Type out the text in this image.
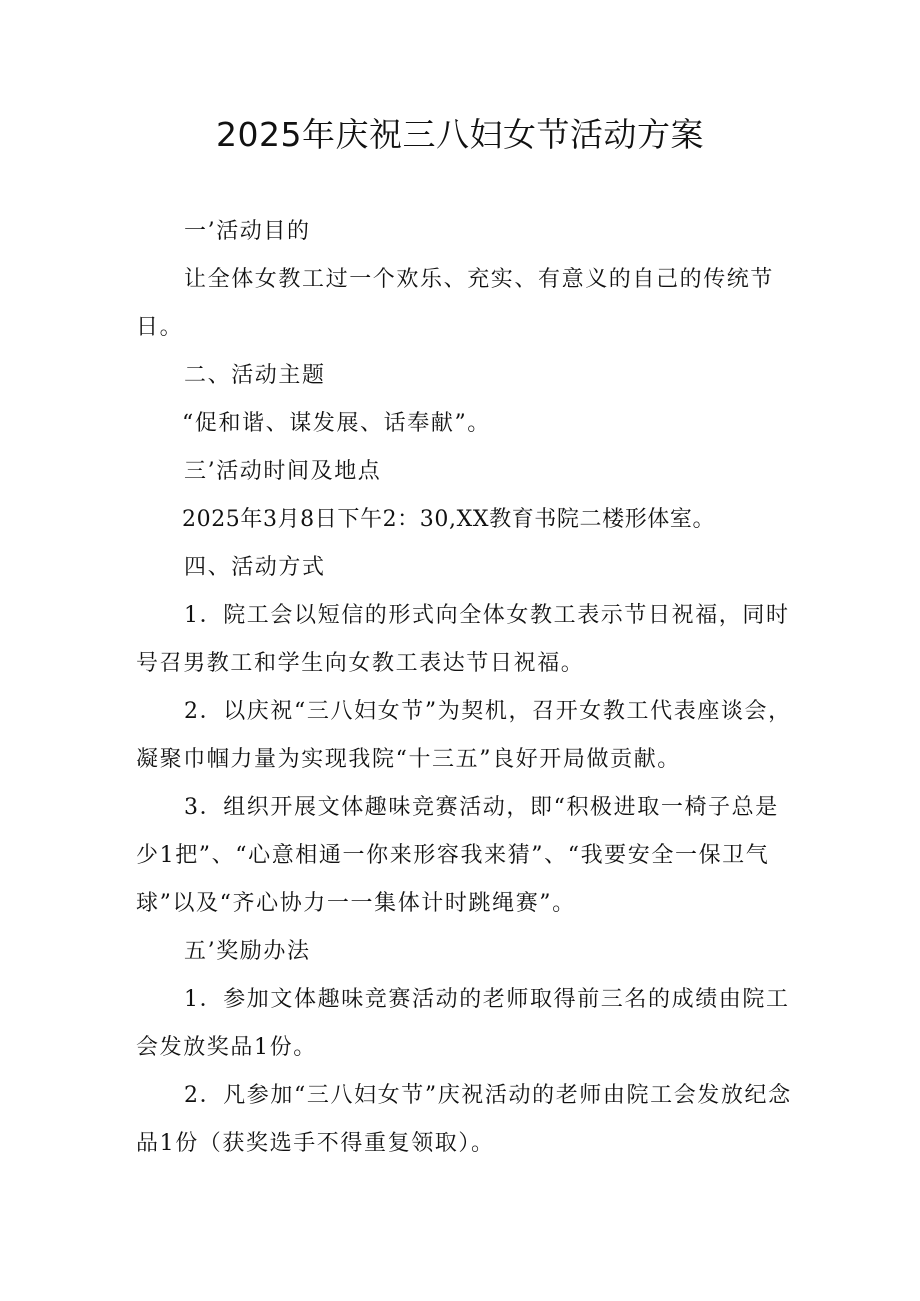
2025年庆祝三八妇女节活动方案

一’活动目的

让全体女教工过一个欢乐、充实、有意义的自己的传统节日。

二、活动主题

“促和谐、谋发展、话奉献”。

三’活动时间及地点

2025年3月8日下午2：30,XX教育书院二楼形体室。

四、活动方式

1．院工会以短信的形式向全体女教工表示节日祝福，同时号召男教工和学生向女教工表达节日祝福。

2．以庆祝“三八妇女节”为契机，召开女教工代表座谈会，凝聚巾帼力量为实现我院“十三五”良好开局做贡献。

3．组织开展文体趣味竞赛活动，即“积极进取一椅子总是少1把”、“心意相通一你来形容我来猜”、“我要安全一保卫气球”以及“齐心协力一一集体计时跳绳赛”。

五’奖励办法

1．参加文体趣味竞赛活动的老师取得前三名的成绩由院工会发放奖品1份。

2．凡参加“三八妇女节”庆祝活动的老师由院工会发放纪念品1份（获奖选手不得重复领取）。
